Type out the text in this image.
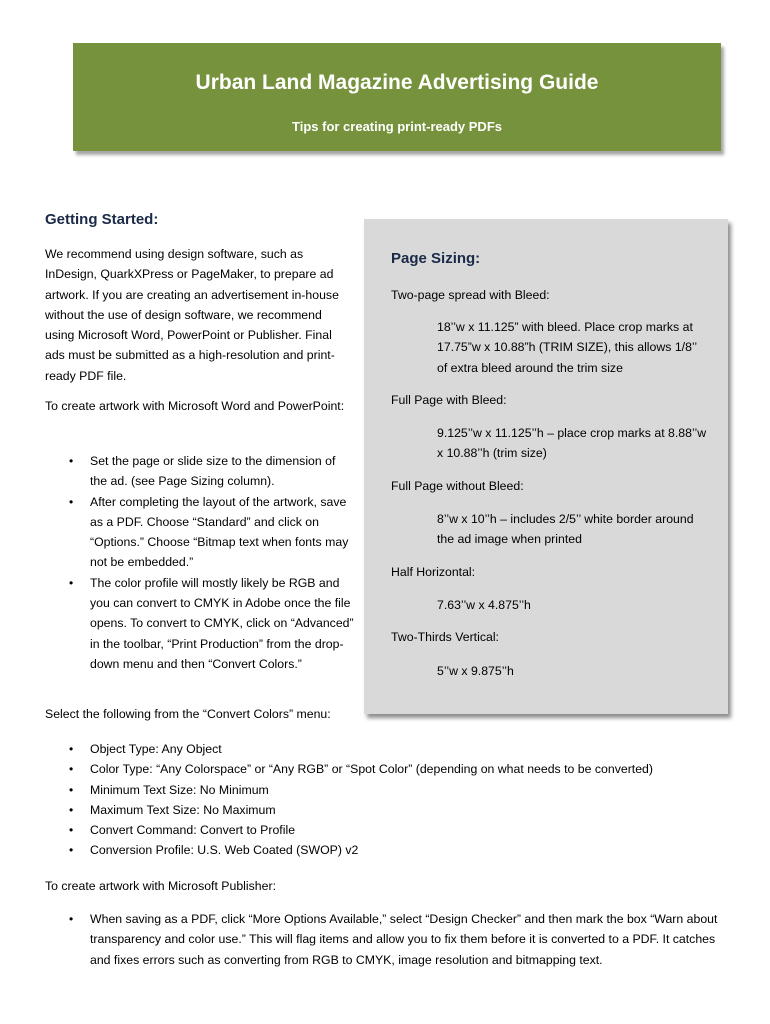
Urban Land Magazine Advertising Guide
Tips for creating print-ready PDFs
Getting Started:

We recommend using design software, such as InDesign, QuarkXPress or PageMaker, to prepare ad artwork. If you are creating an advertisement in-house without the use of design software, we recommend using Microsoft Word, PowerPoint or Publisher. Final ads must be submitted as a high-resolution and print-ready PDF file.

To create artwork with Microsoft Word and PowerPoint:

• Set the page or slide size to the dimension of the ad. (see Page Sizing column).
• After completing the layout of the artwork, save as a PDF. Choose “Standard” and click on “Options.” Choose “Bitmap text when fonts may not be embedded.”
• The color profile will mostly likely be RGB and you can convert to CMYK in Adobe once the file opens. To convert to CMYK, click on “Advanced” in the toolbar, “Print Production” from the drop-down menu and then “Convert Colors.”

Select the following from the “Convert Colors” menu:

• Object Type: Any Object
• Color Type: “Any Colorspace” or “Any RGB” or “Spot Color” (depending on what needs to be converted)
• Minimum Text Size: No Minimum
• Maximum Text Size: No Maximum
• Convert Command: Convert to Profile
• Conversion Profile: U.S. Web Coated (SWOP) v2

To create artwork with Microsoft Publisher:

• When saving as a PDF, click “More Options Available,” select “Design Checker” and then mark the box “Warn about transparency and color use.” This will flag items and allow you to fix them before it is converted to a PDF. It catches and fixes errors such as converting from RGB to CMYK, image resolution and bitmapping text.
Page Sizing:
Two-page spread with Bleed:
18’’w x 11.125” with bleed. Place crop marks at 17.75”w x 10.88”h (TRIM SIZE), this allows 1/8’’ of extra bleed around the trim size
Full Page with Bleed:
9.125’’w x 11.125’’h – place crop marks at 8.88’’w x 10.88’’h (trim size)
Full Page without Bleed:
8’’w x 10’’h – includes 2/5’’ white border around the ad image when printed
Half Horizontal:
7.63’’w x 4.875’’h
Two-Thirds Vertical:
5’’w x 9.875’’h
